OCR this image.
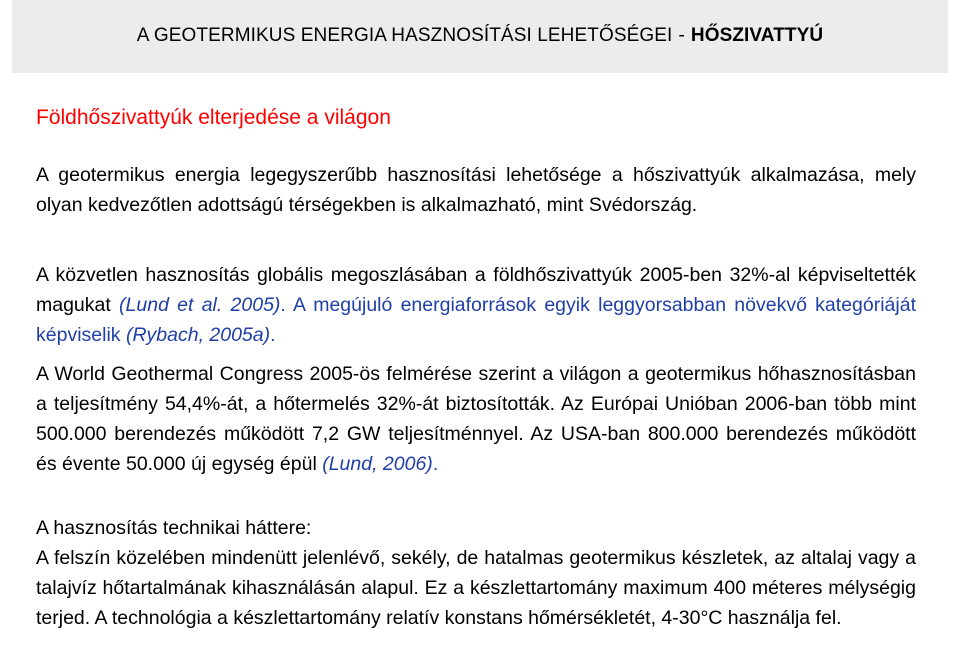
A GEOTERMIKUS ENERGIA HASZNOSÍTÁSI LEHETŐSÉGEI - HŐSZIVATTYÚ
Földhőszivattyúk elterjedése a világon
A geotermikus energia legegyszerűbb hasznosítási lehetősége a hőszivattyúk alkalmazása, mely olyan kedvezőtlen adottságú térségekben is alkalmazható, mint Svédország.
A közvetlen hasznosítás globális megoszlásában a földhőszivattyúk 2005-ben 32%-al képviseltették magukat (Lund et al. 2005). A megújuló energiaforrások egyik leggyorsabban növekvő kategóriáját képviselik (Rybach, 2005a).
A World Geothermal Congress 2005-ös felmérése szerint a világon a geotermikus hőhasznosításban a teljesítmény 54,4%-át, a hőtermelés 32%-át biztosították. Az Európai Unióban 2006-ban több mint 500.000 berendezés működött 7,2 GW teljesítménnyel. Az USA-ban 800.000 berendezés működött és évente 50.000 új egység épül (Lund, 2006).
A hasznosítás technikai háttere:
A felszín közelében mindenütt jelenlévő, sekély, de hatalmas geotermikus készletek, az altalaj vagy a talajvíz hőtartalmának kihasználásán alapul. Ez a készlettartomány maximum 400 méteres mélységig terjed. A technológia a készlettartomány relatív konstans hőmérsékletét, 4-30°C használja fel.
